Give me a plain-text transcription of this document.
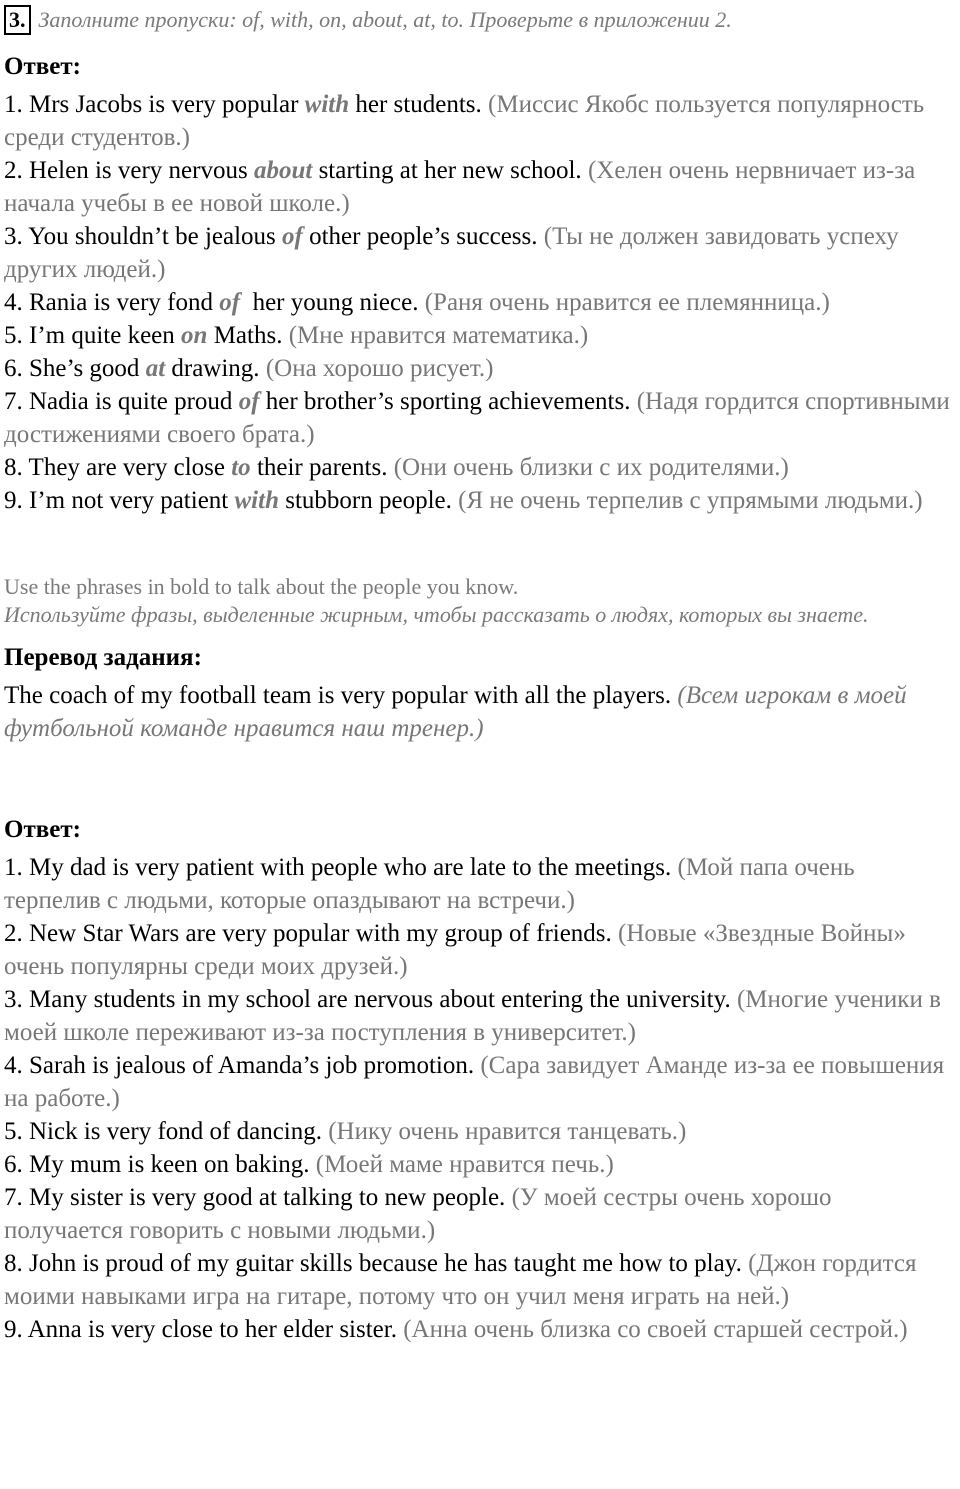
3. Заполните пропуски: of, with, on, about, at, to. Проверьте в приложении 2.
Ответ:
1. Mrs Jacobs is very popular with her students. (Миссис Якобс пользуется популярность среди студентов.)
2. Helen is very nervous about starting at her new school. (Хелен очень нервничает из-за начала учебы в ее новой школе.)
3. You shouldn’t be jealous of other people’s success. (Ты не должен завидовать успеху других людей.)
4. Rania is very fond of  her young niece. (Раня очень нравится ее племянница.)
5. I’m quite keen on Maths. (Мне нравится математика.)
6. She’s good at drawing. (Она хорошо рисует.)
7. Nadia is quite proud of her brother’s sporting achievements. (Надя гордится спортивными достижениями своего брата.)
8. They are very close to their parents. (Они очень близки с их родителями.)
9. I’m not very patient with stubborn people. (Я не очень терпелив с упрямыми людьми.)
Use the phrases in bold to talk about the people you know.
Используйте фразы, выделенные жирным, чтобы рассказать о людях, которых вы знаете.
Перевод задания:
The coach of my football team is very popular with all the players. (Всем игрокам в моей футбольной команде нравится наш тренер.)
Ответ:
1. My dad is very patient with people who are late to the meetings. (Мой папа очень терпелив с людьми, которые опаздывают на встречи.)
2. New Star Wars are very popular with my group of friends. (Новые «Звездные Войны» очень популярны среди моих друзей.)
3. Many students in my school are nervous about entering the university. (Многие ученики в моей школе переживают из-за поступления в университет.)
4. Sarah is jealous of Amanda’s job promotion. (Сара завидует Аманде из-за ее повышения на работе.)
5. Nick is very fond of dancing. (Нику очень нравится танцевать.)
6. My mum is keen on baking. (Моей маме нравится печь.)
7. My sister is very good at talking to new people. (У моей сестры очень хорошо получается говорить с новыми людьми.)
8. John is proud of my guitar skills because he has taught me how to play. (Джон гордится моими навыками игра на гитаре, потому что он учил меня играть на ней.)
9. Anna is very close to her elder sister. (Анна очень близка со своей старшей сестрой.)
